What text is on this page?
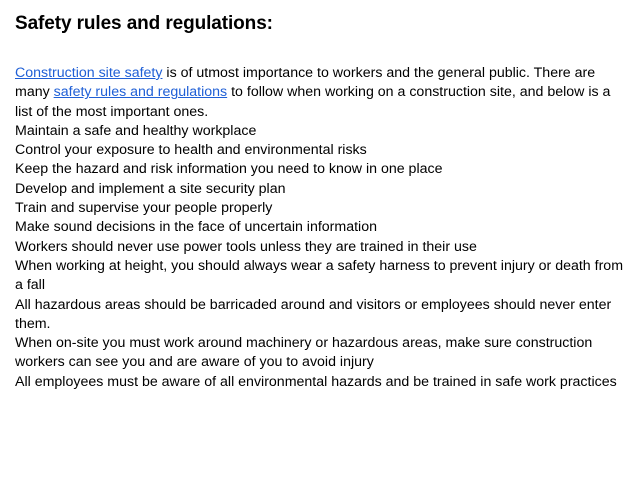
Safety rules and regulations:

Construction site safety is of utmost importance to workers and the general public. There are many safety rules and regulations to follow when working on a construction site, and below is a list of the most important ones.

Maintain a safe and healthy workplace

Control your exposure to health and environmental risks

Keep the hazard and risk information you need to know in one place

Develop and implement a site security plan

Train and supervise your people properly

Make sound decisions in the face of uncertain information

Workers should never use power tools unless they are trained in their use

When working at height, you should always wear a safety harness to prevent injury or death from a fall

All hazardous areas should be barricaded around and visitors or employees should never enter them.

When on-site you must work around machinery or hazardous areas, make sure construction workers can see you and are aware of you to avoid injury

All employees must be aware of all environmental hazards and be trained in safe work practices
